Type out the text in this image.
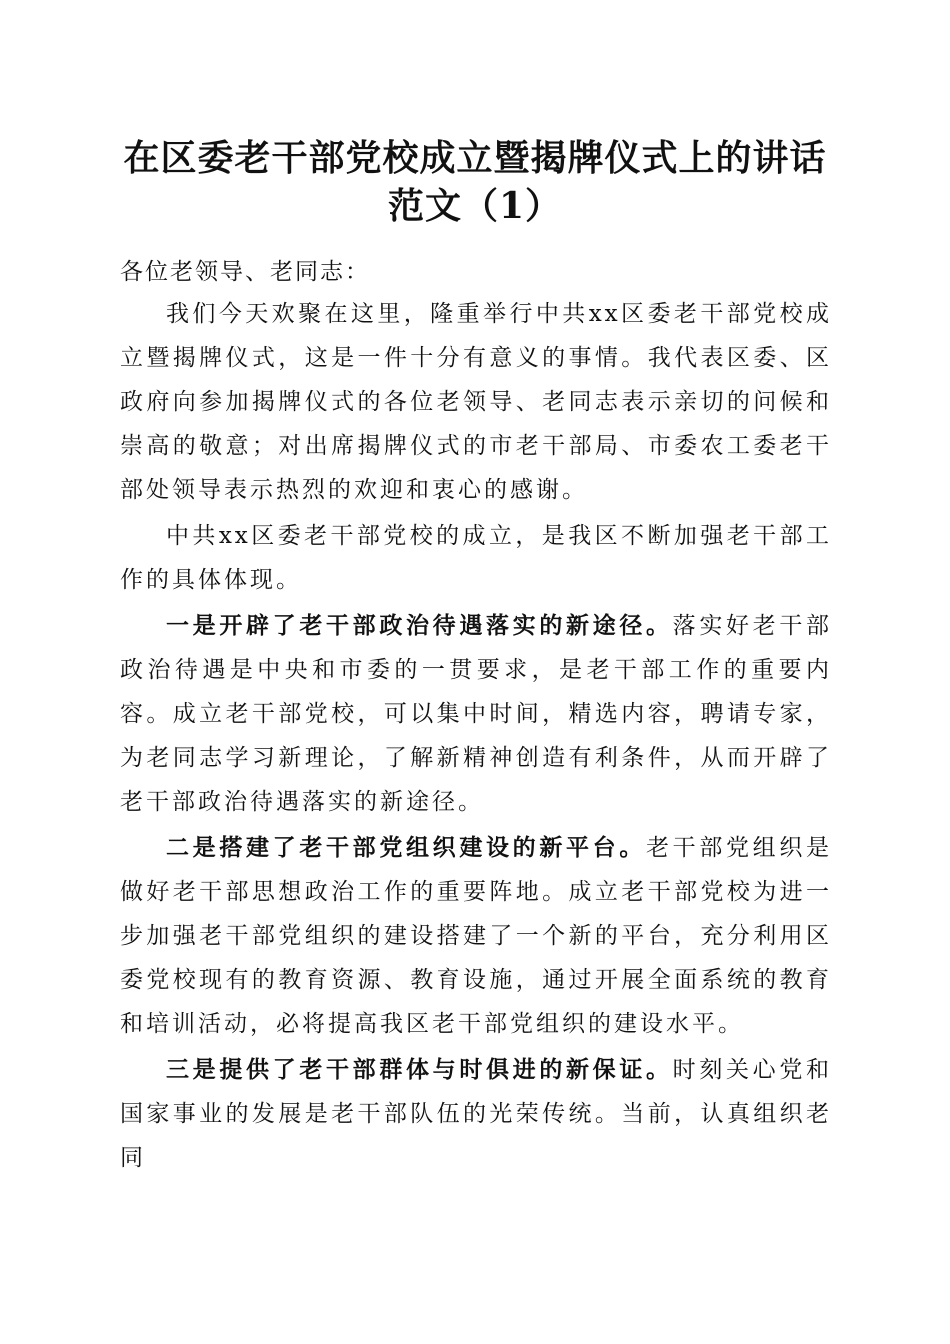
在区委老干部党校成立暨揭牌仪式上的讲话范文（1）

各位老领导、老同志：

我们今天欢聚在这里，隆重举行中共xx区委老干部党校成立暨揭牌仪式，这是一件十分有意义的事情。我代表区委、区政府向参加揭牌仪式的各位老领导、老同志表示亲切的问候和崇高的敬意；对出席揭牌仪式的市老干部局、市委农工委老干部处领导表示热烈的欢迎和衷心的感谢。

中共xx区委老干部党校的成立，是我区不断加强老干部工作的具体体现。

一是开辟了老干部政治待遇落实的新途径。落实好老干部政治待遇是中央和市委的一贯要求，是老干部工作的重要内容。成立老干部党校，可以集中时间，精选内容，聘请专家，为老同志学习新理论，了解新精神创造有利条件，从而开辟了老干部政治待遇落实的新途径。

二是搭建了老干部党组织建设的新平台。老干部党组织是做好老干部思想政治工作的重要阵地。成立老干部党校为进一步加强老干部党组织的建设搭建了一个新的平台，充分利用区委党校现有的教育资源、教育设施，通过开展全面系统的教育和培训活动，必将提高我区老干部党组织的建设水平。

三是提供了老干部群体与时俱进的新保证。时刻关心党和国家事业的发展是老干部队伍的光荣传统。当前，认真组织老同
